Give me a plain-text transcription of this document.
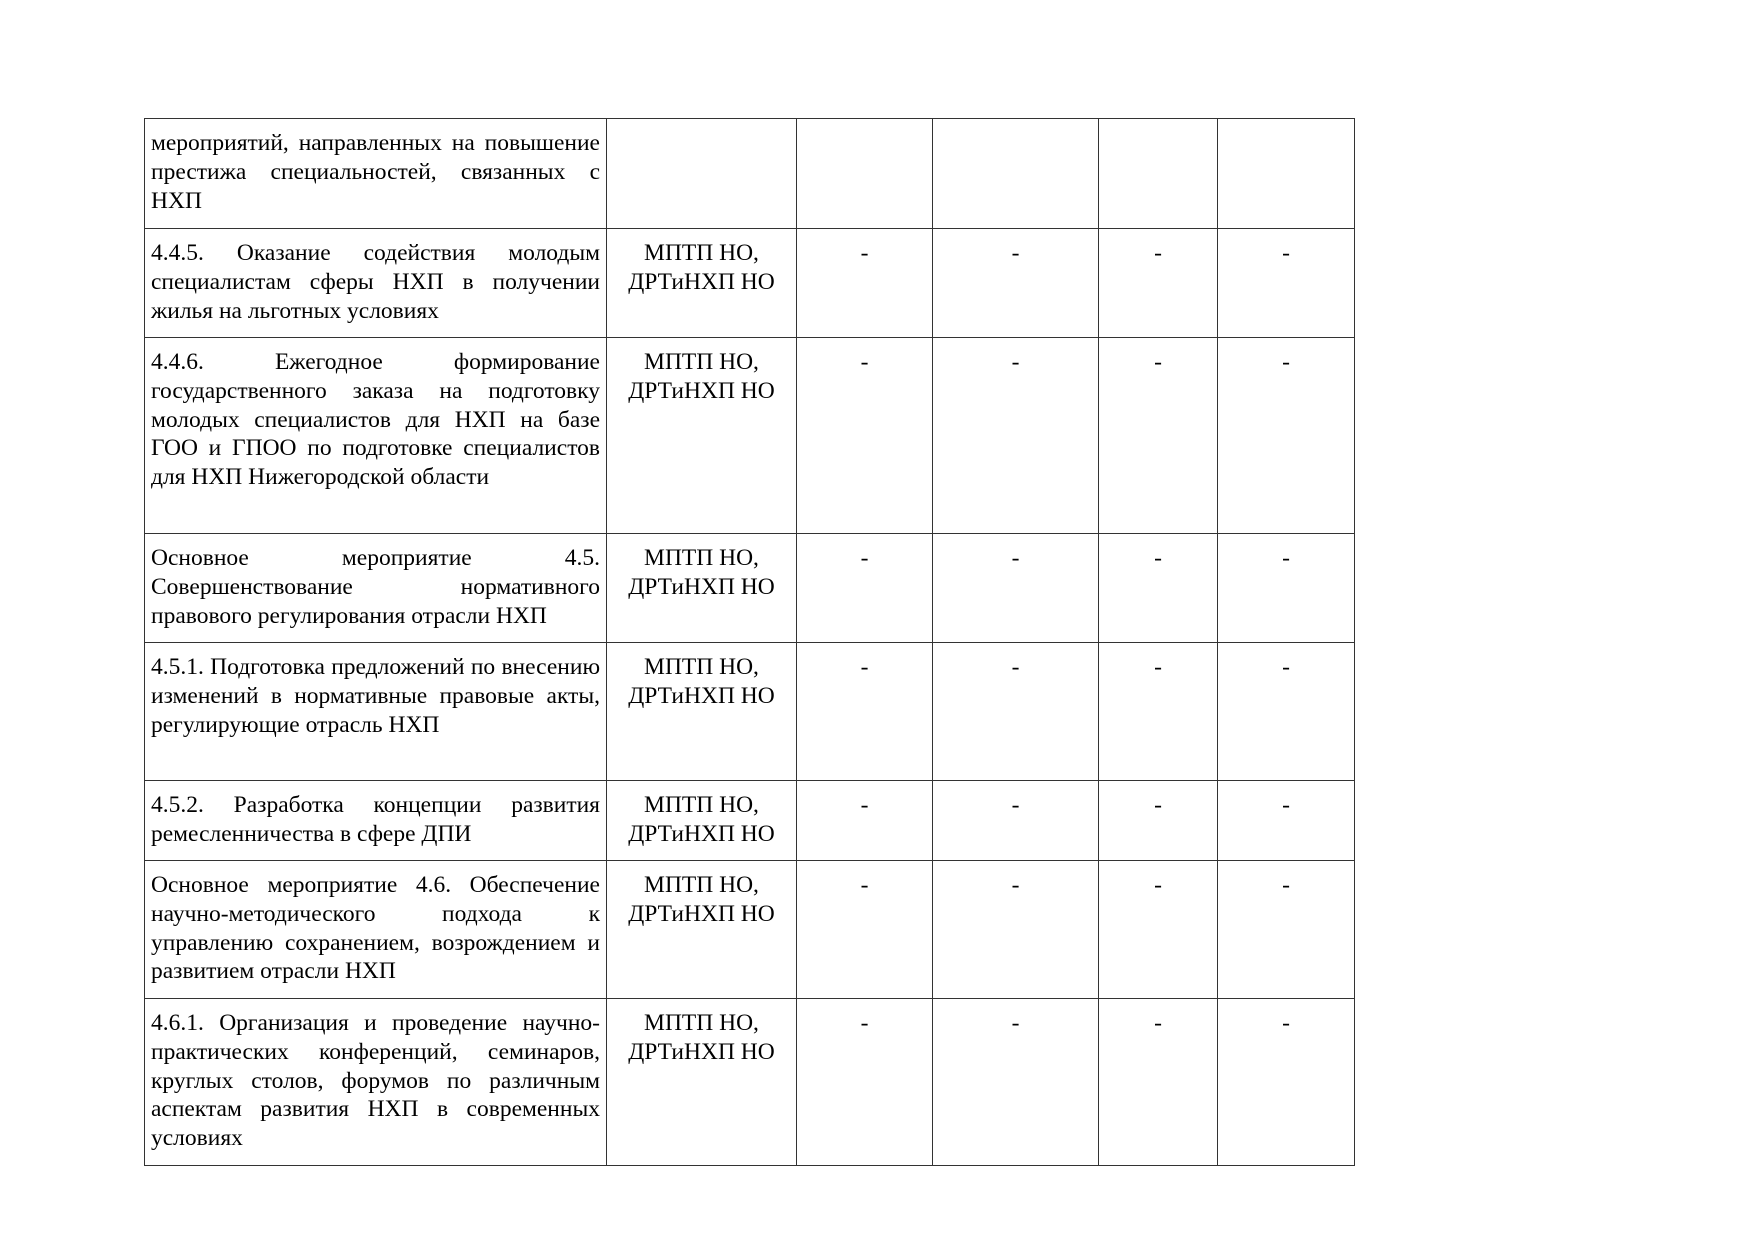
мероприятий, направленных на повышение престижа специальностей, связанных с НХП					
4.4.5. Оказание содействия молодым специалистам сферы НХП в получении жилья на льготных условиях	МПТП НО, ДРТиНХП НО	-	-	-	-
4.4.6. Ежегодное формирование государственного заказа на подготовку молодых специалистов для НХП на базе ГОО и ГПОО по подготовке специалистов для НХП Нижегородской области	МПТП НО, ДРТиНХП НО	-	-	-	-
Основное мероприятие 4.5. Совершенствование нормативного правового регулирования отрасли НХП	МПТП НО, ДРТиНХП НО	-	-	-	-
4.5.1. Подготовка предложений по внесению изменений в нормативные правовые акты, регулирующие отрасль НХП	МПТП НО, ДРТиНХП НО	-	-	-	-
4.5.2. Разработка концепции развития ремесленничества в сфере ДПИ	МПТП НО, ДРТиНХП НО	-	-	-	-
Основное мероприятие 4.6. Обеспечение научно-методического подхода к управлению сохранением, возрождением и развитием отрасли НХП	МПТП НО, ДРТиНХП НО	-	-	-	-
4.6.1. Организация и проведение научно-практических конференций, семинаров, круглых столов, форумов по различным аспектам развития НХП в современных условиях	МПТП НО, ДРТиНХП НО	-	-	-	-
